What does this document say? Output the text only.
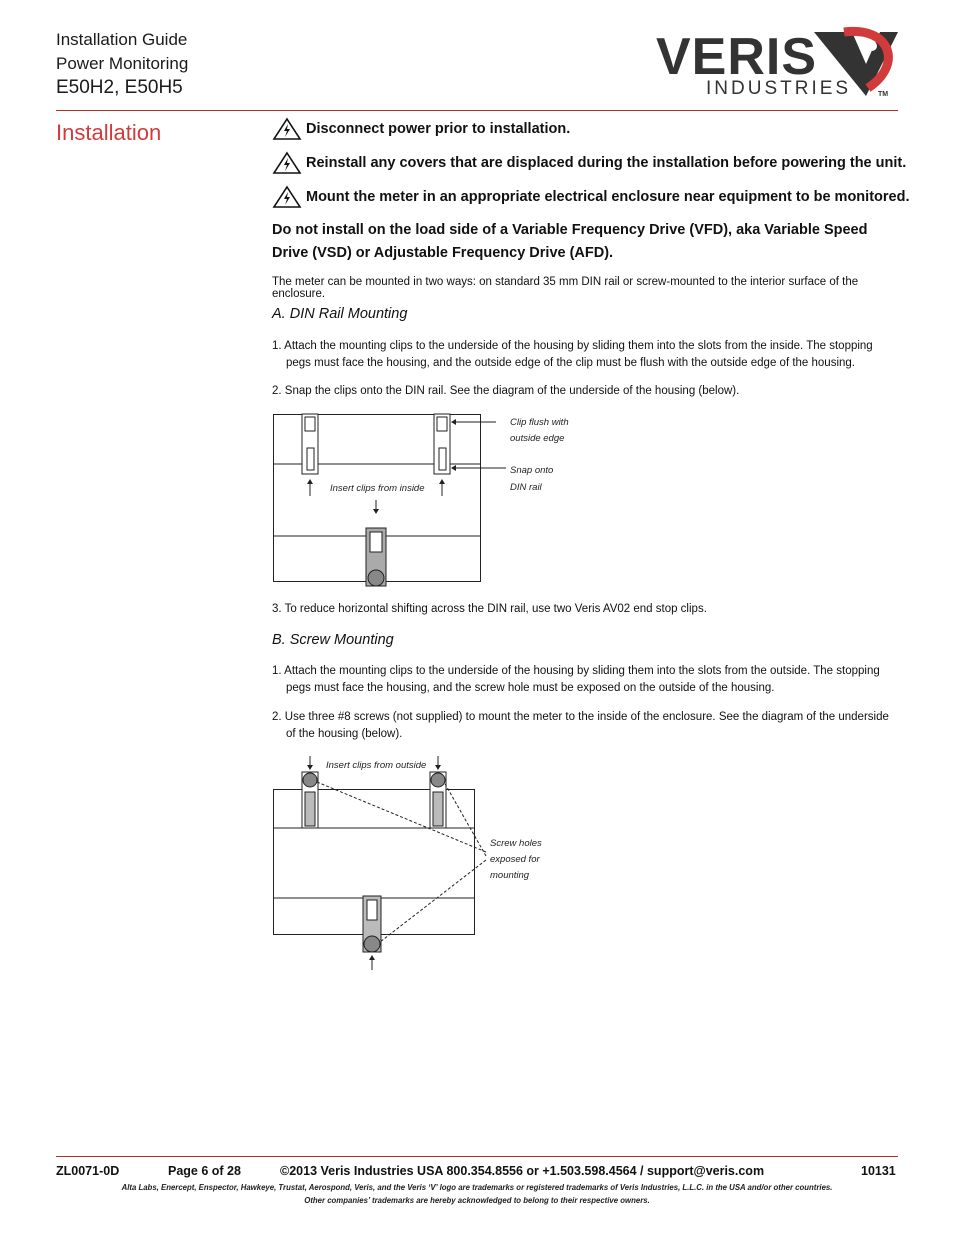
Installation Guide
Power Monitoring
E50H2, E50H5
VERIS
INDUSTRIES	TM
Installation	Disconnect power prior to installation.
Reinstall any covers that are displaced during the installation before powering the unit.
Mount the meter in an appropriate electrical enclosure near equipment to be monitored.
Do not install on the load side of a Variable Frequency Drive (VFD), aka Variable Speed Drive (VSD) or Adjustable Frequency Drive (AFD).
The meter can be mounted in two ways: on standard 35 mm DIN rail or screw-mounted to the interior surface of the enclosure.
A. DIN Rail Mounting
1. Attach the mounting clips to the underside of the housing by sliding them into the slots from the inside. The stopping pegs must face the housing, and the outside edge of the clip must be flush with the outside edge of the housing.
2. Snap the clips onto the DIN rail. See the diagram of the underside of the housing (below).
Insert clips from inside
Clip flush with
outside edge
Snap onto
DIN rail
3. To reduce horizontal shifting across the DIN rail, use two Veris AV02 end stop clips.
B. Screw Mounting
1. Attach the mounting clips to the underside of the housing by sliding them into the slots from the outside. The stopping pegs must face the housing, and the screw hole must be exposed on the outside of the housing.
2. Use three #8 screws (not supplied) to mount the meter to the inside of the enclosure. See the diagram of the underside of the housing (below).
Insert clips from outside
Screw holes
exposed for
mounting
ZL0071-0D	Page 6 of 28	©2013 Veris Industries USA 800.354.8556 or +1.503.598.4564 / support@veris.com	10131
Alta Labs, Enercept, Enspector, Hawkeye, Trustat, Aerospond, Veris, and the Veris ‘V’ logo are trademarks or registered trademarks of Veris Industries, L.L.C. in the USA and/or other countries.
Other companies’ trademarks are hereby acknowledged to belong to their respective owners.
